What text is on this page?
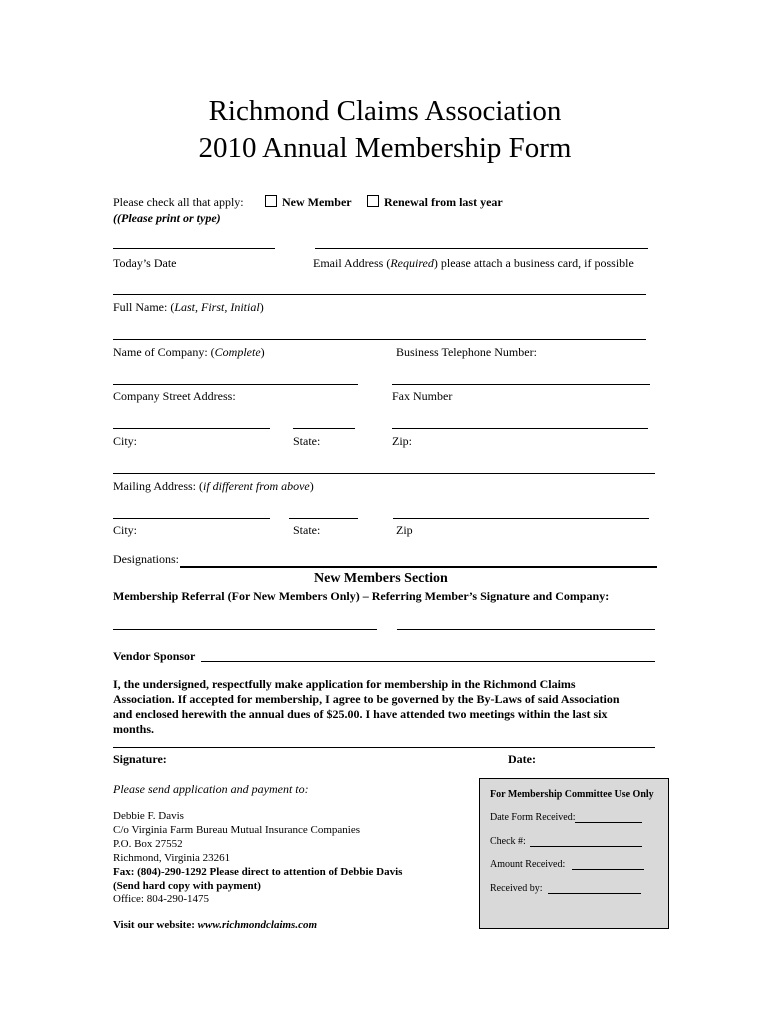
Richmond Claims Association
2010 Annual Membership Form
Please check all that apply:
((Please print or type)
New Member	Renewal from last year
Today’s Date	Email Address (Required) please attach a business card, if possible
Full Name: (Last, First, Initial)
Name of Company: (Complete)	Business Telephone Number:
Company Street Address:	Fax Number
City:	State:	Zip:
Mailing Address: (if different from above)
City:	State:	Zip
Designations:
New Members Section
Membership Referral (For New Members Only) – Referring Member’s Signature and Company:
Vendor Sponsor
I, the undersigned, respectfully make application for membership in the Richmond Claims
Association. If accepted for membership, I agree to be governed by the By-Laws of said Association
and enclosed herewith the annual dues of $25.00. I have attended two meetings within the last six
months.
Signature:	Date:
Please send application and payment to:
Debbie F. Davis
C/o Virginia Farm Bureau Mutual Insurance Companies
P.O. Box 27552
Richmond, Virginia 23261
Fax: (804)-290-1292 Please direct to attention of Debbie Davis
(Send hard copy with payment)
Office: 804-290-1475
Visit our website: www.richmondclaims.com
For Membership Committee Use Only
Date Form Received:
Check #:
Amount Received:
Received by:
